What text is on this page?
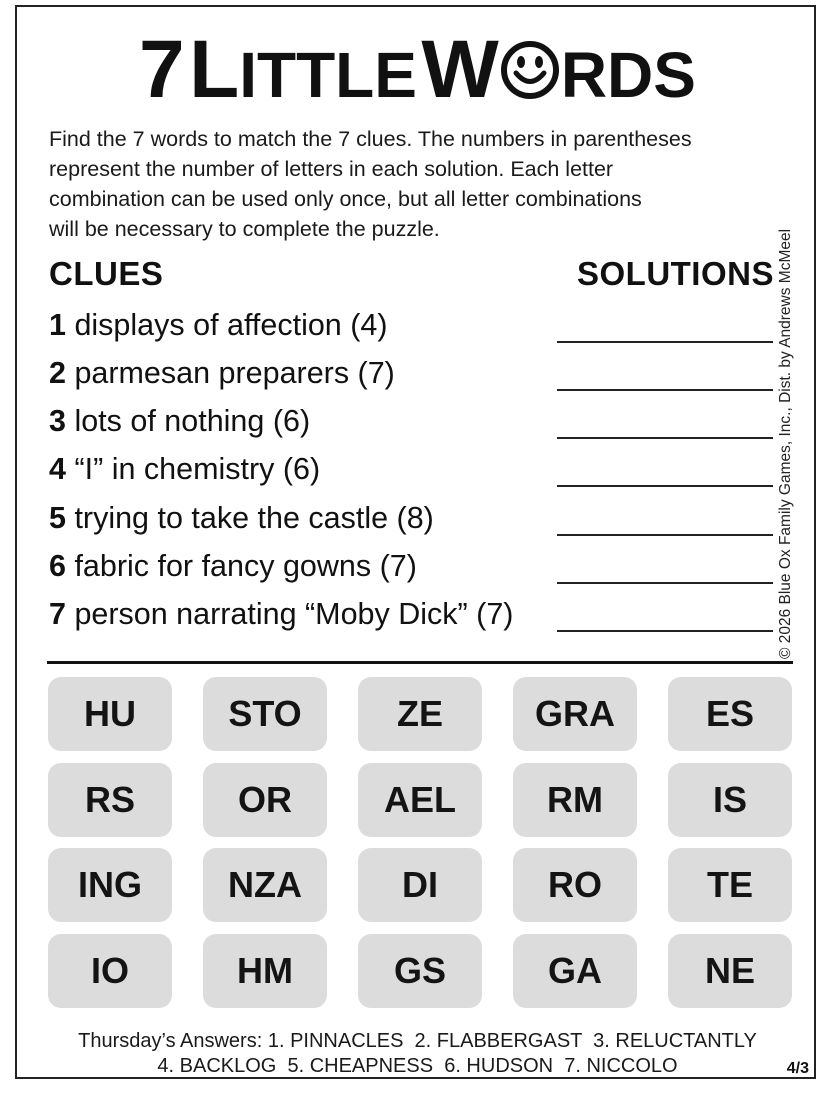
7 LITTLE W RDS
Find the 7 words to match the 7 clues. The numbers in parentheses
represent the number of letters in each solution. Each letter
combination can be used only once, but all letter combinations
will be necessary to complete the puzzle.
CLUES	SOLUTIONS
1 displays of affection (4)
2 parmesan preparers (7)
3 lots of nothing (6)
4 “I” in chemistry (6)
5 trying to take the castle (8)
6 fabric for fancy gowns (7)
7 person narrating “Moby Dick” (7)	© 2026 Blue Ox Family Games, Inc., Dist. by Andrews McMeel
HU	STO	ZE	GRA	ES
RS	OR	AEL	RM	IS
ING	NZA	DI	RO	TE
IO	HM	GS	GA	NE
Thursday’s Answers: 1. PINNACLES  2. FLABBERGAST  3. RELUCTANTLY
4. BACKLOG  5. CHEAPNESS  6. HUDSON  7. NICCOLO	4/3
